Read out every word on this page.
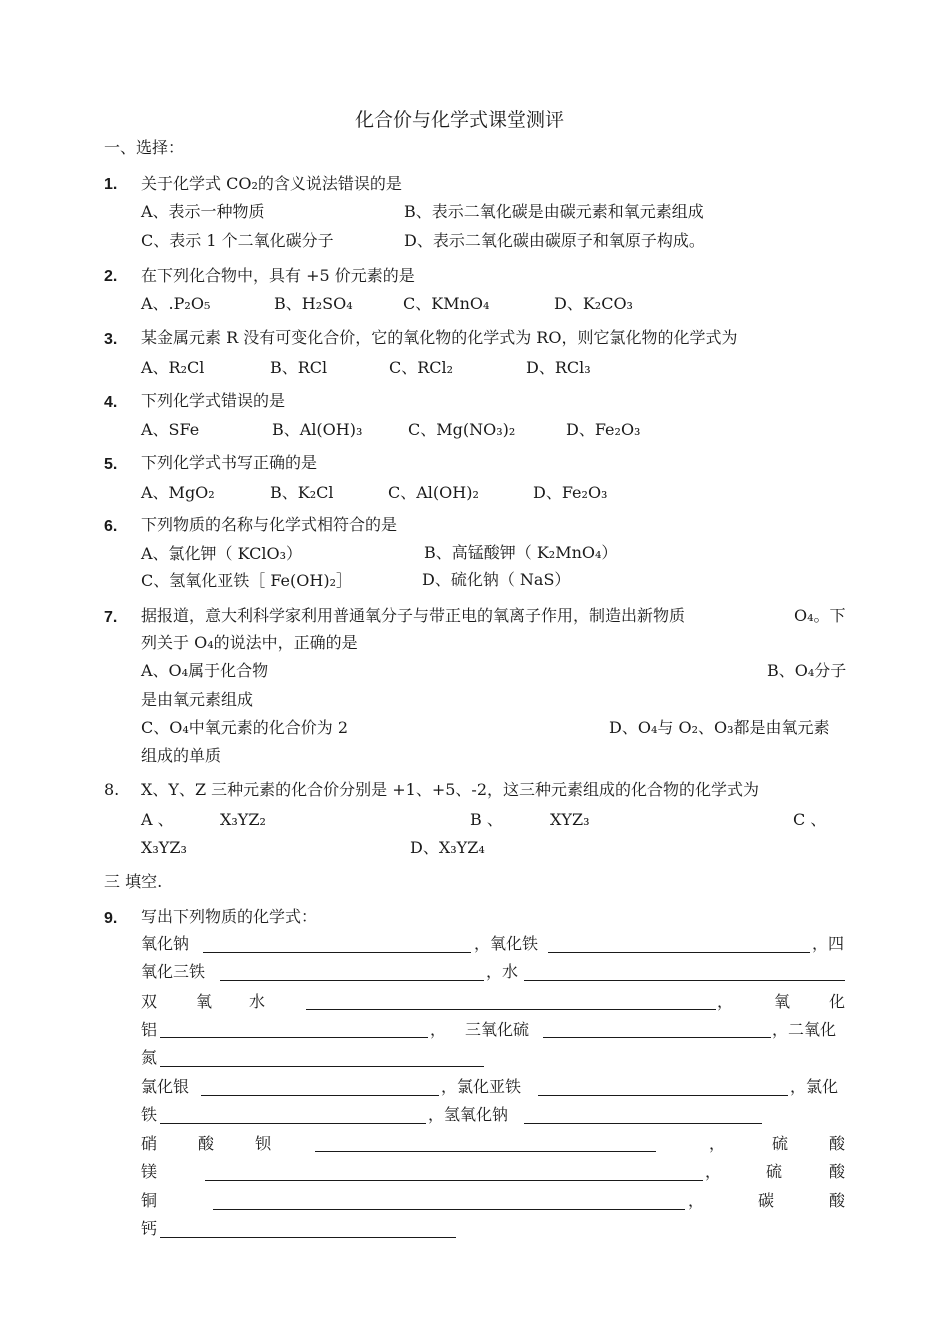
化合价与化学式课堂测评
一、选择：
1. 关于化学式 CO₂的含义说法错误的是
A、表示一种物质	B、表示二氧化碳是由碳元素和氧元素组成
C、表示 1 个二氧化碳分子	D、表示二氧化碳由碳原子和氧原子构成。
2. 在下列化合物中，具有 +5 价元素的是
A、.P₂O₅	B、H₂SO₄	C、KMnO₄	D、K₂CO₃
3. 某金属元素 R 没有可变化合价，它的氧化物的化学式为 RO，则它氯化物的化学式为
A、R₂Cl	B、RCl	C、RCl₂	D、RCl₃
4. 下列化学式错误的是
A、SFe	B、Al(OH)₃	C、Mg(NO₃)₂	D、Fe₂O₃
5. 下列化学式书写正确的是
A、MgO₂	B、K₂Cl	C、Al(OH)₂	D、Fe₂O₃
6. 下列物质的名称与化学式相符合的是
A、氯化钾（ KClO₃）	B、高锰酸钾（ K₂MnO₄）
C、氢氧化亚铁［ Fe(OH)₂］	D、硫化钠（ NaS）
7. 据报道，意大利科学家利用普通氧分子与带正电的氧离子作用，制造出新物质	O₄。下
列关于 O₄的说法中，正确的是
A、O₄属于化合物	B、O₄分子
是由氧元素组成
C、O₄中氧元素的化合价为 2	D、O₄与 O₂、O₃都是由氧元素
组成的单质
8. X、Y、Z 三种元素的化合价分别是 +1、+5、-2，这三种元素组成的化合物的化学式为
A 、	X₃YZ₂	B 、	XYZ₃	C 、
X₃YZ₃	D、X₃YZ₄
三 填空.
9. 写出下列物质的化学式：
氧化钠	，氧化铁	，四
氧化三铁	，水
双 氧 水	，	氧 化
铝	， 三氧化硫	，二氧化
氮
氯化银	，氯化亚铁	，氯化
铁	，氢氧化钠
硝	酸	钡	，	硫	酸
镁	，	硫	酸
铜	，	碳	酸
钙
